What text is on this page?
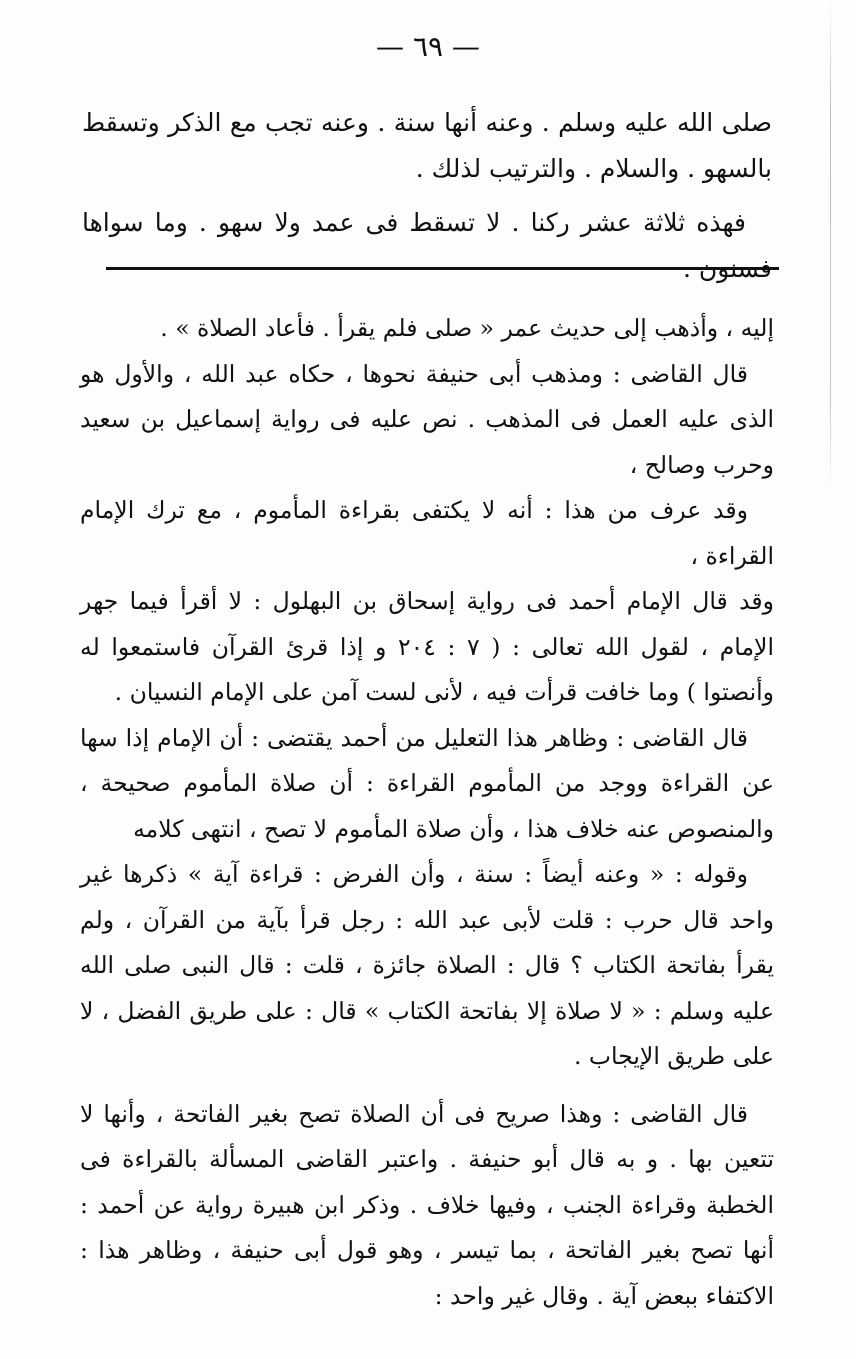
— ٦٩ —

صلى الله عليه وسلم . وعنه أنها سنة . وعنه تجب مع الذكر وتسقط بالسهو . والسلام . والترتيب لذلك .

فهذه ثلاثة عشر ركنا . لا تسقط فى عمد ولا سهو . وما سواها فسنون .

إليه ، وأذهب إلى حديث عمر « صلى فلم يقرأ . فأعاد الصلاة » .

قال القاضى : ومذهب أبى حنيفة نحوها ، حكاه عبد الله ، والأول هو الذى عليه العمل فى المذهب . نص عليه فى رواية إسماعيل بن سعيد وحرب وصالح ،

وقد عرف من هذا : أنه لا يكتفى بقراءة المأموم ، مع ترك الإمام القراءة ،

وقد قال الإمام أحمد فى رواية إسحاق بن البهلول : لا أقرأ فيما جهر الإمام ، لقول الله تعالى : ( ٧ : ٢٠٤ و إذا قرئ القرآن فاستمعوا له وأنصتوا ) وما خافت قرأت فيه ، لأنى لست آمن على الإمام النسيان .

قال القاضى : وظاهر هذا التعليل من أحمد يقتضى : أن الإمام إذا سها عن القراءة ووجد من المأموم القراءة : أن صلاة المأموم صحيحة ، والمنصوص عنه خلاف هذا ، وأن صلاة المأموم لا تصح ، انتهى كلامه

وقوله : « وعنه أيضاً : سنة ، وأن الفرض : قراءة آية » ذكرها غير واحد قال حرب : قلت لأبى عبد الله : رجل قرأ بآية من القرآن ، ولم يقرأ بفاتحة الكتاب ؟ قال : الصلاة جائزة ، قلت : قال النبى صلى الله عليه وسلم : « لا صلاة إلا بفاتحة الكتاب » قال : على طريق الفضل ، لا على طريق الإيجاب .

قال القاضى : وهذا صريح فى أن الصلاة تصح بغير الفاتحة ، وأنها لا تتعين بها . و به قال أبو حنيفة . واعتبر القاضى المسألة بالقراءة فى الخطبة وقراءة الجنب ، وفيها خلاف . وذكر ابن هبيرة رواية عن أحمد : أنها تصح بغير الفاتحة ، بما تيسر ، وهو قول أبى حنيفة ، وظاهر هذا : الاكتفاء ببعض آية . وقال غير واحد :
